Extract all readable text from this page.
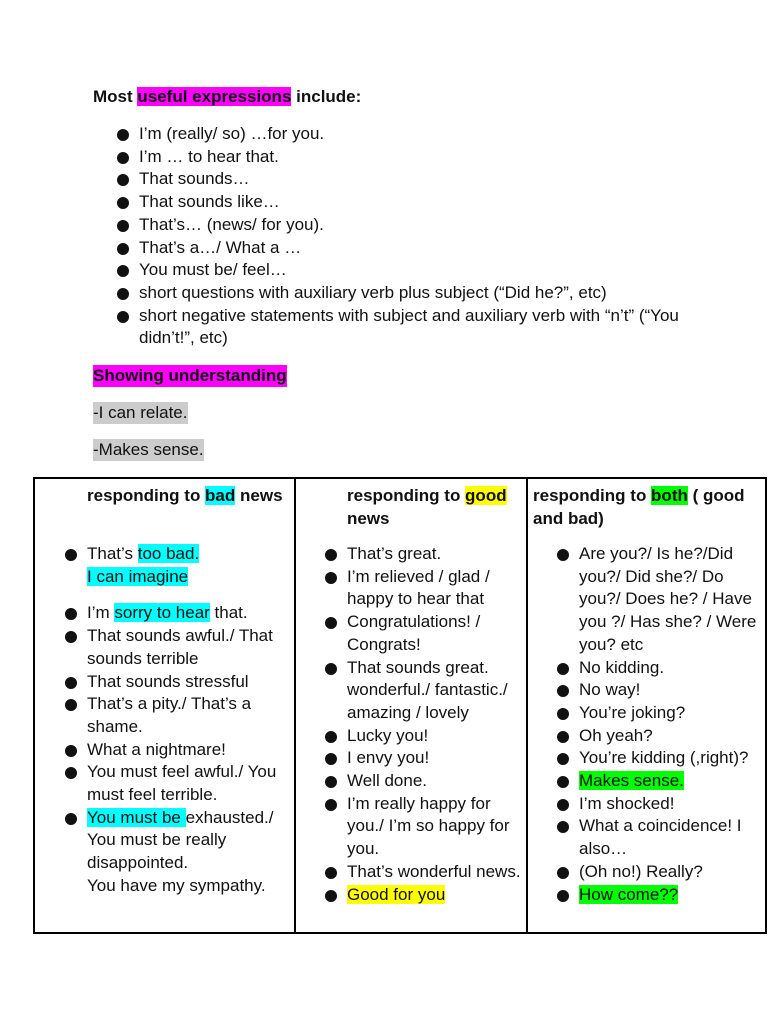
Most useful expressions include:
I’m (really/ so) …for you.
I’m … to hear that.
That sounds…
That sounds like…
That’s… (news/ for you).
That’s a…/ What a …
You must be/ feel…
short questions with auxiliary verb plus subject (“Did he?”, etc)
short negative statements with subject and auxiliary verb with “n’t” (“You didn’t!”, etc)
Showing understanding
-I can relate.
-Makes sense.
responding to bad news
That’s too bad.
I can imagine
I’m sorry to hear that.
That sounds awful./ That sounds terrible
That sounds stressful
That’s a pity./ That’s a shame.
What a nightmare!
You must feel awful./ You must feel terrible.
You must be exhausted./ You must be really disappointed.
You have my sympathy.
responding to good news
That’s great.
I’m relieved / glad / happy to hear that
Congratulations! / Congrats!
That sounds great. wonderful./ fantastic./ amazing / lovely
Lucky you!
I envy you!
Well done.
I’m really happy for you./ I’m so happy for you.
That’s wonderful news.
Good for you
responding to both ( good and bad)
Are you?/ Is he?/Did you?/ Did she?/ Do you?/ Does he? / Have you ?/ Has she? / Were you? etc
No kidding.
No way!
You’re joking?
Oh yeah?
You’re kidding (,right)?
Makes sense.
I’m shocked!
What a coincidence! I also…
(Oh no!) Really?
How come??
